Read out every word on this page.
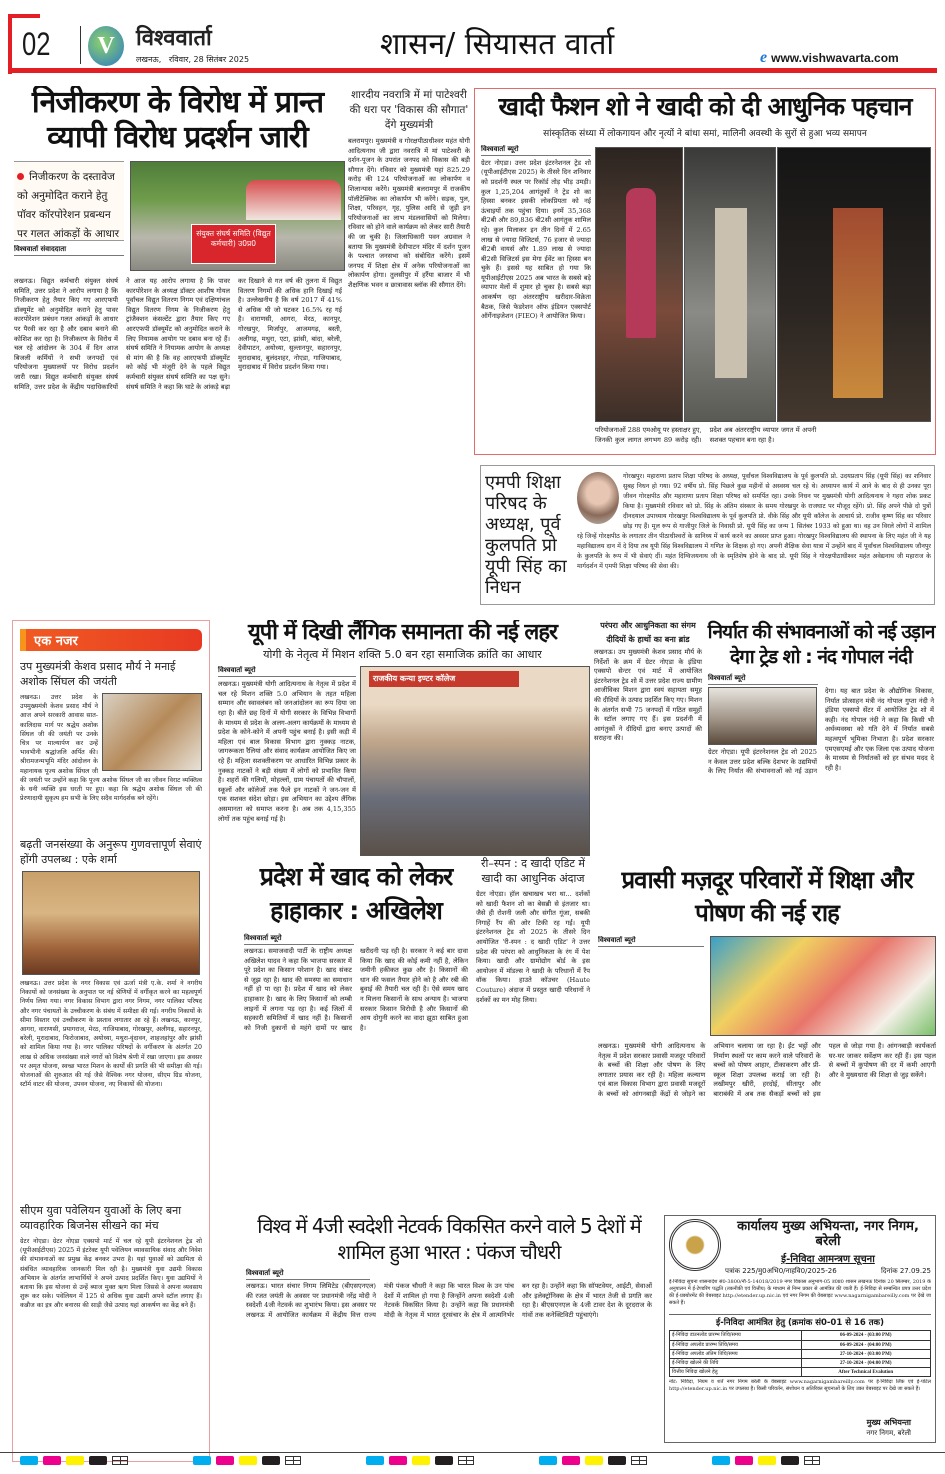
02	V विश्ववार्ता
लखनऊ,   रविवार, 28 सितंबर 2025	शासन/ सियासत वार्ता	e www.vishwavarta.com
निजीकरण के विरोध में प्रान्त व्यापी विरोध प्रदर्शन जारी
निजीकरण के दस्तावेज को अनुमोदित कराने हेतु पॉवर कॉरपोरेशन प्रबन्धन पर गलत आंकड़ों के आधार	संयुक्त संघर्ष समिति (विद्युत कर्मचारी) उ0प्र0
विश्ववार्ता संवाददाता
लखनऊ। विद्युत कर्मचारी संयुक्त संघर्ष समिति, उत्तर प्रदेश ने आरोप लगाया है कि निजीकरण हेतु तैयार किए गए आरएफपी डॉक्यूमेंट को अनुमोदित कराने हेतु पावर कारपोरेशन प्रबंधन गलत आंकड़ों के आधार पर पैरवी कर रहा है और दबाव बनाने की कोशिश कर रहा है। निजीकरण के विरोध में चल रहे आंदोलन के 304 वें दिन आज बिजली कर्मियों ने सभी जनपदों एवं परियोजना मुख्यालयों पर विरोध प्रदर्शन जारी रखा। विद्युत कर्मचारी संयुक्त संघर्ष समिति, उत्तर प्रदेश के केंद्रीय पदाधिकारियों ने आज यह आरोप लगाया है कि पावर कारपोरेशन के अध्यक्ष डॉक्टर आशीष गोयल पूर्वांचल विद्युत वितरण निगम एवं दक्षिणांचल विद्युत वितरण निगम के निजीकरण हेतु ट्रांजैक्शन कंसल्टेंट द्वारा तैयार किए गए आरएफपी डॉक्यूमेंट को अनुमोदित कराने के लिए नियामक आयोग पर दबाव बना रहे हैं। संघर्ष समिति ने नियामक आयोग के अध्यक्ष से मांग की है कि वह आरएफपी डॉक्यूमेंट को कोई भी मंजूरी देने के पहले विद्युत कर्मचारी संयुक्त संघर्ष समिति का पक्ष सुने। संघर्ष समिति ने कहा कि घाटे के आंकड़े बढ़ा कर दिखाने से गत वर्ष की तुलना में विद्युत वितरण निगमों की अधिक हानि दिखाई गई है। उल्लेखनीय है कि वर्ष 2017 में 41% से अधिक थी जो घटकर 16.5% रह गई है। वाराणसी, आगरा, मेरठ, कानपुर, गोरखपुर, मिर्जापुर, आजमगढ़, बस्ती, अलीगढ़, मथुरा, एटा, झांसी, बांदा, बरेली, देवीपाटन, अयोध्या, सुल्तानपुर, सहारनपुर, मुरादाबाद, बुलंदशहर, नोएडा, गाजियाबाद, मुरादाबाद में विरोध प्रदर्शन किया गया।
शारदीय नवरात्रि में मां पाटेश्वरी की धरा पर 'विकास की सौगात' देंगे मुख्यमंत्री
बलरामपुर। मुख्यमंत्री व गोरक्षपीठाधीश्वर महंत योगी आदित्यनाथ जी द्वारा नवरात्रि में मां पाटेश्वरी के दर्शन-पूजन के उपरांत जनपद को विकास की बड़ी सौगात देंगे। रविवार को मुख्यमंत्री यहां 825.29 करोड़ की 124 परियोजनाओं का लोकार्पण व शिलान्यास करेंगे। मुख्यमंत्री बलरामपुर में राजकीय पॉलीटेक्निक का लोकार्पण भी करेंगे। सड़क, पुल, शिक्षा, परिवहन, गृह, पुलिस आदि से जुड़ी इन परियोजनाओं का लाभ मंडलवासियों को मिलेगा। रविवार को होने वाले कार्यक्रम को लेकर सारी तैयारी की जा चुकी है। जिलाधिकारी पवन अग्रवाल ने बताया कि मुख्यमंत्री देवीपाटन मंदिर में दर्शन पूजन के पश्चात जनसभा को संबोधित करेंगे। इसमें जनपद में शिक्षा क्षेत्र में अनेक परियोजनाओं का लोकार्पण होगा। तुलसीपुर में हर्रैया बाजार में भी शैक्षणिक भवन व छात्रावास ब्लॉक की सौगात देंगे।
खादी फैशन शो ने खादी को दी आधुनिक पहचान
सांस्कृतिक संध्या में लोकगायन और नृत्यों ने बांधा समां, मालिनी अवस्थी के सुरों से हुआ भव्य समापन
विश्ववार्ता ब्यूरो
ग्रेटर नोएडा। उत्तर प्रदेश इंटरनेशनल ट्रेड शो (यूपीआईटीएस 2025) के तीसरे दिन शनिवार को प्रदर्शनी स्थल पर रिकॉर्ड तोड़ भीड़ उमड़ी। कुल 1,25,204 आगंतुकों ने ट्रेड शो का हिस्सा बनकर इसकी लोकप्रियता को नई ऊंचाइयों तक पहुंचा दिया। इनमें 35,368 बी2बी और 89,836 बी2सी आगंतुक शामिल रहे। कुल मिलाकर इन तीन दिनों में 2.65 लाख से ज्यादा विजिटर्स, 76 हजार से ज्यादा बी2बी वायर्स और 1.89 लाख से ज्यादा बी2सी विजिटर्स इस मेगा ईवेंट का हिस्सा बन चुके हैं। इससे यह साबित हो गया कि यूपीआईटीएस 2025 अब भारत के सबसे बड़े व्यापार मेलों में शुमार हो चुका है। सबसे बड़ा आकर्षण रहा अंतरराष्ट्रीय खरीदार-विक्रेता बैठक, जिसे फेडरेशन ऑफ इंडियन एक्सपोर्ट ऑर्गेनाइजेशन (FIEO) ने आयोजित किया।
परियोजनाओं 288 एमओयू पर हस्ताक्षर हुए, जिनकी कुल लागत लगभग 89 करोड़ रही। प्रदेश अब अंतरराष्ट्रीय व्यापार जगत में अपनी सशक्त पहचान बना रहा है।
एमपी शिक्षा परिषद के अध्यक्ष, पूर्व कुलपति प्रो यूपी सिंह का निधन
गोरखपुर। महाराणा प्रताप शिक्षा परिषद के अध्यक्ष, पूर्वांचल विश्वविद्यालय के पूर्व कुलपति प्रो. उदयप्रताप सिंह (यूपी सिंह) का शनिवार सुबह निधन हो गया। 92 वर्षीय प्रो. सिंह पिछले कुछ महीनों से अस्वस्थ चल रहे थे। अध्यापन कार्य में आने के बाद से ही उनका पूरा जीवन गोरक्षपीठ और महाराणा प्रताप शिक्षा परिषद को समर्पित रहा। उनके निधन पर मुख्यमंत्री योगी आदित्यनाथ ने गहरा शोक प्रकट किया है। मुख्यमंत्री रविवार को प्रो. सिंह के अंतिम संस्कार के समय गोरखपुर के राजघाट पर मौजूद रहेंगे। प्रो. सिंह अपने पीछे दो पुत्रों दीनदयाल उपाध्याय गोरखपुर विश्वविद्यालय के पूर्व कुलपति प्रो. वीके सिंह और यूपी कॉलेज के आचार्य प्रो. राजीव कृष्ण सिंह का परिवार छोड़ गए हैं। मूल रूप से गाजीपुर जिले के निवासी प्रो. यूपी सिंह का जन्म 1 सितंबर 1933 को हुआ था। वह उन विरले लोगों में शामिल रहे जिन्हें गोरक्षपीठ के लगातार तीन पीठाधीश्वरों के सानिध्य में कार्य करने का अवसर प्राप्त हुआ। गोरखपुर विश्वविद्यालय की स्थापना के लिए महंत जी ने यह महाविद्यालय दान में दे दिया तब यूपी सिंह विश्वविद्यालय में गणित के शिक्षक हो गए। अपनी शैक्षिक सेवा यात्रा में उन्होंने बाद में पूर्वांचल विश्वविद्यालय जौनपुर के कुलपति के रूप में भी सेवाएं दीं। महंत दिग्विजयनाथ जी के स्मृतिशेष होने के बाद प्रो. यूपी सिंह ने गोरक्षपीठाधीश्वर महंत अवेद्यनाथ जी महाराज के मार्गदर्शन में एमपी शिक्षा परिषद की सेवा की।
एक नजर
उप मुख्यमंत्री केशव प्रसाद मौर्य ने मनाई अशोक सिंघल की जयंती
लखनऊ। उत्तर प्रदेश के उपमुख्यमंत्री केशव प्रसाद मौर्य ने आज अपने सरकारी आवास सात-कालिदास मार्ग पर श्रद्धेय अशोक सिंघल जी की जयंती पर उनके चित्र पर माल्यार्पण कर उन्हें भावभीनी श्रद्धांजलि अर्पित की। श्रीरामजन्मभूमि मंदिर आंदोलन के महानायक पूज्य अशोक सिंघल जी की जयंती पर उन्होंने कहा कि पूज्य अशोक सिंघल जी का जीवन विराट व्यक्तित्व के धनी व्यक्ति इस धरती पर हुए। कहा कि श्रद्धेय अशोक सिंघल जी की प्रेरणादायी सुकृत्य हम सभी के लिए सदैव मार्गदर्शक बने रहेंगे।
बढ़ती जनसंख्या के अनुरूप गुणवत्तापूर्ण सेवाएं होंगी उपलब्ध : एके शर्मा
लखनऊ। उत्तर प्रदेश के नगर विकास एवं ऊर्जा मंत्री ए.के. शर्मा ने नगरीय निकायों को जनसंख्या के अनुपात पर नई श्रेणियों में वर्गीकृत करने का महत्वपूर्ण निर्णय लिया गया। नगर विकास विभाग द्वारा नगर निगम, नगर पालिका परिषद और नगर पंचायतों के उच्चीकरण के संबंध में समीक्षा की गई। नगरीय निकायों के सीमा विस्तार एवं उच्चीकरण के प्रस्ताव लगातार आ रहे हैं। लखनऊ, कानपुर, आगरा, वाराणसी, प्रयागराज, मेरठ, गाजियाबाद, गोरखपुर, अलीगढ़, सहारनपुर, बरेली, मुरादाबाद, फिरोजाबाद, अयोध्या, मथुरा-वृंदावन, शाहजहांपुर और झांसी को शामिल किया गया है। नगर पालिका परिषदों के वर्गीकरण के अंतर्गत 20 लाख से अधिक जनसंख्या वाले नगरों को विशेष श्रेणी में रखा जाएगा। इस अवसर पर अमृत योजना, स्वच्छ भारत मिशन के कार्यों की प्रगति की भी समीक्षा की गई। योजनाओं की शुरुआत की गई जैसे वैश्विक नगर योजना, सीएम ग्रिड योजना, स्टॉर्म वाटर की योजना, उपवन योजना, नए निकायों की योजना।
सीएम युवा पवेलियन युवाओं के लिए बना व्यावहारिक बिजनेस सीखने का मंच
ग्रेटर नोएडा। ग्रेटर नोएडा एक्सपो मार्ट में चल रहे यूपी इंटरनेशनल ट्रेड शो (यूपीआईटीएस) 2025 में इंटरेक्ट यूपी पवेलियन व्यावसायिक संवाद और निवेश की संभावनाओं का प्रमुख केंद्र बनकर उभरा है। यहां युवाओं को उद्यमिता से संबंधित व्यावहारिक जानकारी मिल रही है। मुख्यमंत्री युवा उद्यमी विकास अभियान के अंतर्गत लाभार्थियों ने अपने उत्पाद प्रदर्शित किए। युवा उद्यमियों ने बताया कि इस योजना से उन्हें ब्याज मुक्त ऋण मिला जिससे वे अपना व्यवसाय शुरू कर सके। पवेलियन में 125 से अधिक युवा उद्यमी अपने स्टॉल लगाए हैं। कन्नौज का इत्र और बनारस की साड़ी जैसे उत्पाद यहां आकर्षण का केंद्र बने हैं।
यूपी में दिखी लैंगिक समानता की नई लहर
योगी के नेतृत्व में मिशन शक्ति 5.0 बन रहा समाजिक क्रांति का आधार
विश्ववार्ता ब्यूरो
लखनऊ। मुख्यमंत्री योगी आदित्यनाथ के नेतृत्व में प्रदेश में चल रहे मिशन शक्ति 5.0 अभियान के तहत महिला सम्मान और स्वावलंबन को जनआंदोलन का रूप दिया जा रहा है। बीते छह दिनों में योगी सरकार के विभिन्न विभागों के माध्यम से प्रदेश के अलग-अलग कार्यक्रमों के माध्यम से प्रदेश के कोने-कोने में अपनी पहुंच बनाई है। इसी कड़ी में महिला एवं बाल विकास विभाग द्वारा नुक्कड़ नाटक, जागरूकता रैलियां और संवाद कार्यक्रम आयोजित किए जा रहे हैं। महिला सशक्तीकरण पर आधारित विभिन्न प्रकार के नुक्कड़ नाटकों ने बड़ी संख्या में लोगों को प्रभावित किया है। शहरों की गलियों, मोहल्लों, ग्राम पंचायतों की चौपालों, स्कूलों और कॉलेजों तक फैले इन नाटकों ने जन-जन में एक सशक्त संदेश छोड़ा। इस अभियान का उद्देश्य लैंगिक असमानता को समाप्त करना है। अब तक 4,15,355 लोगों तक पहुंच बनाई गई है।
राजकीय कन्या इण्टर कॉलेज
परंपरा और आधुनिकता का संगम
दीदियों के हाथों का बना ब्रांड
लखनऊ। उप मुख्यमंत्री केशव प्रसाद मौर्य के निर्देशों के क्रम में ग्रेटर नोएडा के इंडिया एक्सपो सेन्टर एवं मार्ट में आयोजित इंटरनेशनल ट्रेड शो में उत्तर प्रदेश राज्य ग्रामीण आजीविका मिशन द्वारा स्वयं सहायता समूह की दीदियों के उत्पाद प्रदर्शित किए गए। मिशन के अंतर्गत सभी 75 जनपदों में गठित समूहों के स्टॉल लगाए गए हैं। इस प्रदर्शनी में आगंतुकों ने दीदियों द्वारा बनाए उत्पादों की सराहना की।
निर्यात की संभावनाओं को नई उड़ान देगा ट्रेड शो : नंद गोपाल नंदी
विश्ववार्ता ब्यूरो
ग्रेटर नोएडा। यूपी इंटरनेशनल ट्रेड शो 2025 न केवल उत्तर प्रदेश बल्कि देशभर के उद्यमियों के लिए निर्यात की संभावनाओं को नई उड़ान देगा। यह बात प्रदेश के औद्योगिक विकास, निर्यात प्रोत्साहन मंत्री नंद गोपाल गुप्ता नंदी ने इंडिया एक्सपो सेंटर में आयोजित ट्रेड शो में कही। नंद गोपाल नंदी ने कहा कि किसी भी अर्थव्यवस्था को गति देने में निर्यात सबसे महत्वपूर्ण भूमिका निभाता है। प्रदेश सरकार एमएसएमई और एक जिला एक उत्पाद योजना के माध्यम से निर्यातकों को हर संभव मदद दे रही है।
प्रदेश में खाद को लेकर हाहाकार : अखिलेश
विश्ववार्ता ब्यूरो
लखनऊ। समाजवादी पार्टी के राष्ट्रीय अध्यक्ष अखिलेश यादव ने कहा कि भाजपा सरकार में पूरे प्रदेश का किसान परेशान है। खाद संकट से जूझ रहा है। खाद की समस्या का समाधान नहीं हो पा रहा है। प्रदेश में खाद को लेकर हाहाकार है। खाद के लिए किसानों को लम्बी लाइनों में लगना पड़ रहा है। कई जिलों में सहकारी समितियों में खाद नहीं है। किसानों को निजी दुकानों से महंगे दामों पर खाद खरीदनी पड़ रही है। सरकार ने कई बार दावा किया कि खाद की कोई कमी नहीं है, लेकिन जमीनी हकीकत कुछ और है। किसानों की धान की फसल तैयार होने को है और रबी की बुवाई की तैयारी चल रही है। ऐसे समय खाद न मिलना किसानों के साथ अन्याय है। भाजपा सरकार किसान विरोधी है और किसानों की आय दोगुनी करने का वादा झूठा साबित हुआ है।
री–स्पन : द खादी एडिट में खादी का आधुनिक अंदाज
ग्रेटर नोएडा। हॉल खचाखच भरा था... दर्शकों को खादी फैशन शो का बेसब्री से इंतजार था। जैसे ही रोशनी जली और संगीत गूंजा, सबकी निगाहें रैंप की ओर टिकी रह गईं। यूपी इंटरनेशनल ट्रेड शो 2025 के तीसरे दिन आयोजित 'री-स्पन : द खादी एडिट' ने उत्तर प्रदेश की परंपरा को आधुनिकता के रंग में पेश किया। खादी और ग्रामोद्योग बोर्ड के इस आयोजन में मॉडल्स ने खादी के परिधानों में रैंप वॉक किया। हाउते कॉउचर (Haute Couture) अंदाज में प्रस्तुत खादी परिधानों ने दर्शकों का मन मोह लिया।
प्रवासी मज़दूर परिवारों में शिक्षा और पोषण की नई राह
विश्ववार्ता ब्यूरो
लखनऊ। मुख्यमंत्री योगी आदित्यनाथ के नेतृत्व में प्रदेश सरकार प्रवासी मजदूर परिवारों के बच्चों की शिक्षा और पोषण के लिए लगातार प्रयास कर रही है। महिला कल्याण एवं बाल विकास विभाग द्वारा प्रवासी मजदूरों के बच्चों को आंगनबाड़ी केंद्रों से जोड़ने का अभियान चलाया जा रहा है। ईंट भट्ठों और निर्माण स्थलों पर काम करने वाले परिवारों के बच्चों को पोषण आहार, टीकाकरण और प्री-स्कूल शिक्षा उपलब्ध कराई जा रही है। लखीमपुर खीरी, हरदोई, सीतापुर और बाराबंकी में अब तक सैकड़ों बच्चों को इस पहल से जोड़ा गया है। आंगनबाड़ी कार्यकर्ता घर-घर जाकर सर्वेक्षण कर रही हैं। इस पहल से बच्चों में कुपोषण की दर में कमी आएगी और वे मुख्यधारा की शिक्षा से जुड़ सकेंगे।
विश्व में 4जी स्वदेशी नेटवर्क विकसित करने वाले 5 देशों में शामिल हुआ भारत : पंकज चौधरी
विश्ववार्ता ब्यूरो
लखनऊ। भारत संचार निगम लिमिटेड (बीएसएनएल) की रजत जयंती के अवसर पर प्रधानमंत्री नरेंद्र मोदी ने स्वदेशी 4जी नेटवर्क का शुभारंभ किया। इस अवसर पर लखनऊ में आयोजित कार्यक्रम में केंद्रीय वित्त राज्य मंत्री पंकज चौधरी ने कहा कि भारत विश्व के उन पांच देशों में शामिल हो गया है जिन्होंने अपना स्वदेशी 4जी नेटवर्क विकसित किया है। उन्होंने कहा कि प्रधानमंत्री मोदी के नेतृत्व में भारत दूरसंचार के क्षेत्र में आत्मनिर्भर बन रहा है। उन्होंने कहा कि सॉफ्टवेयर, आईटी, सेवाओं और इलेक्ट्रॉनिक्स के क्षेत्र में भारत तेजी से प्रगति कर रहा है। बीएसएनएल के 4जी टावर देश के दूरदराज के गांवों तक कनेक्टिविटी पहुंचाएंगे।
कार्यालय मुख्य अभियन्ता, नगर निगम, बरेली
ई-निविदा आमन्त्रण सूचना
पत्रांक 225/मु0अभि0/नाहवि0/2025-26	दिनांक 27.09.25
ई-निविदा सूचना शासनादेश सं0-3800/नौ-5-14018/2019 नगर विकास अनुभाग-05 उ0प्र0 शासन लखनऊ दिनांक 20 सितम्बर, 2019 के अनुपालन में ई-टेण्डरिंग पद्धति (तकनीकी एवं वित्तीय) के माध्यम से निम्न प्रकार से आमंत्रित की जाती हैं। ई-निविदा से सम्बन्धित प्रपत्र उत्तर प्रदेश की ई-प्रक्योरमेंट की वेबसाइट http://etender.up.nic.in एवं नगर निगम की वेबसाइट www.nagarnigambareilly.com पर देखे जा सकते हैं।
ई-निविदा आमंत्रित हेतु (क्रमांक सं0-01 से 16 तक)
ई-निविदा डाउनलोड प्रारम्भ तिथि/समय	06-09-2024 - (03:00 PM)
ई-निविदा अपलोड प्रारम्भ तिथि/समय	06-09-2024 - (04:00 PM)
ई-निविदा अपलोड अंतिम तिथि/समय	27-10-2024 - (03:00 PM)
ई-निविदा खोलने की तिथि	27-10-2024 - (04:00 PM)
वित्तीय निविदा खोलने हेतु	After Technical Evalution
नोट: निविदा, नियम व शर्तें नगर निगम बरेली के वेबसाइट www.nagarnigambareilly.com पर ई-निविदा लिंक एवं ई-पोर्टल http://etender.up.nic.in पर उपलब्ध है। किसी परिवर्तन, संशोधन व अतिरिक्त सूचनाओं के लिए उक्त वेबसाइट पर देखे जा सकते हैं।
मुख्य अभियन्ता
नगर निगम, बरेली
